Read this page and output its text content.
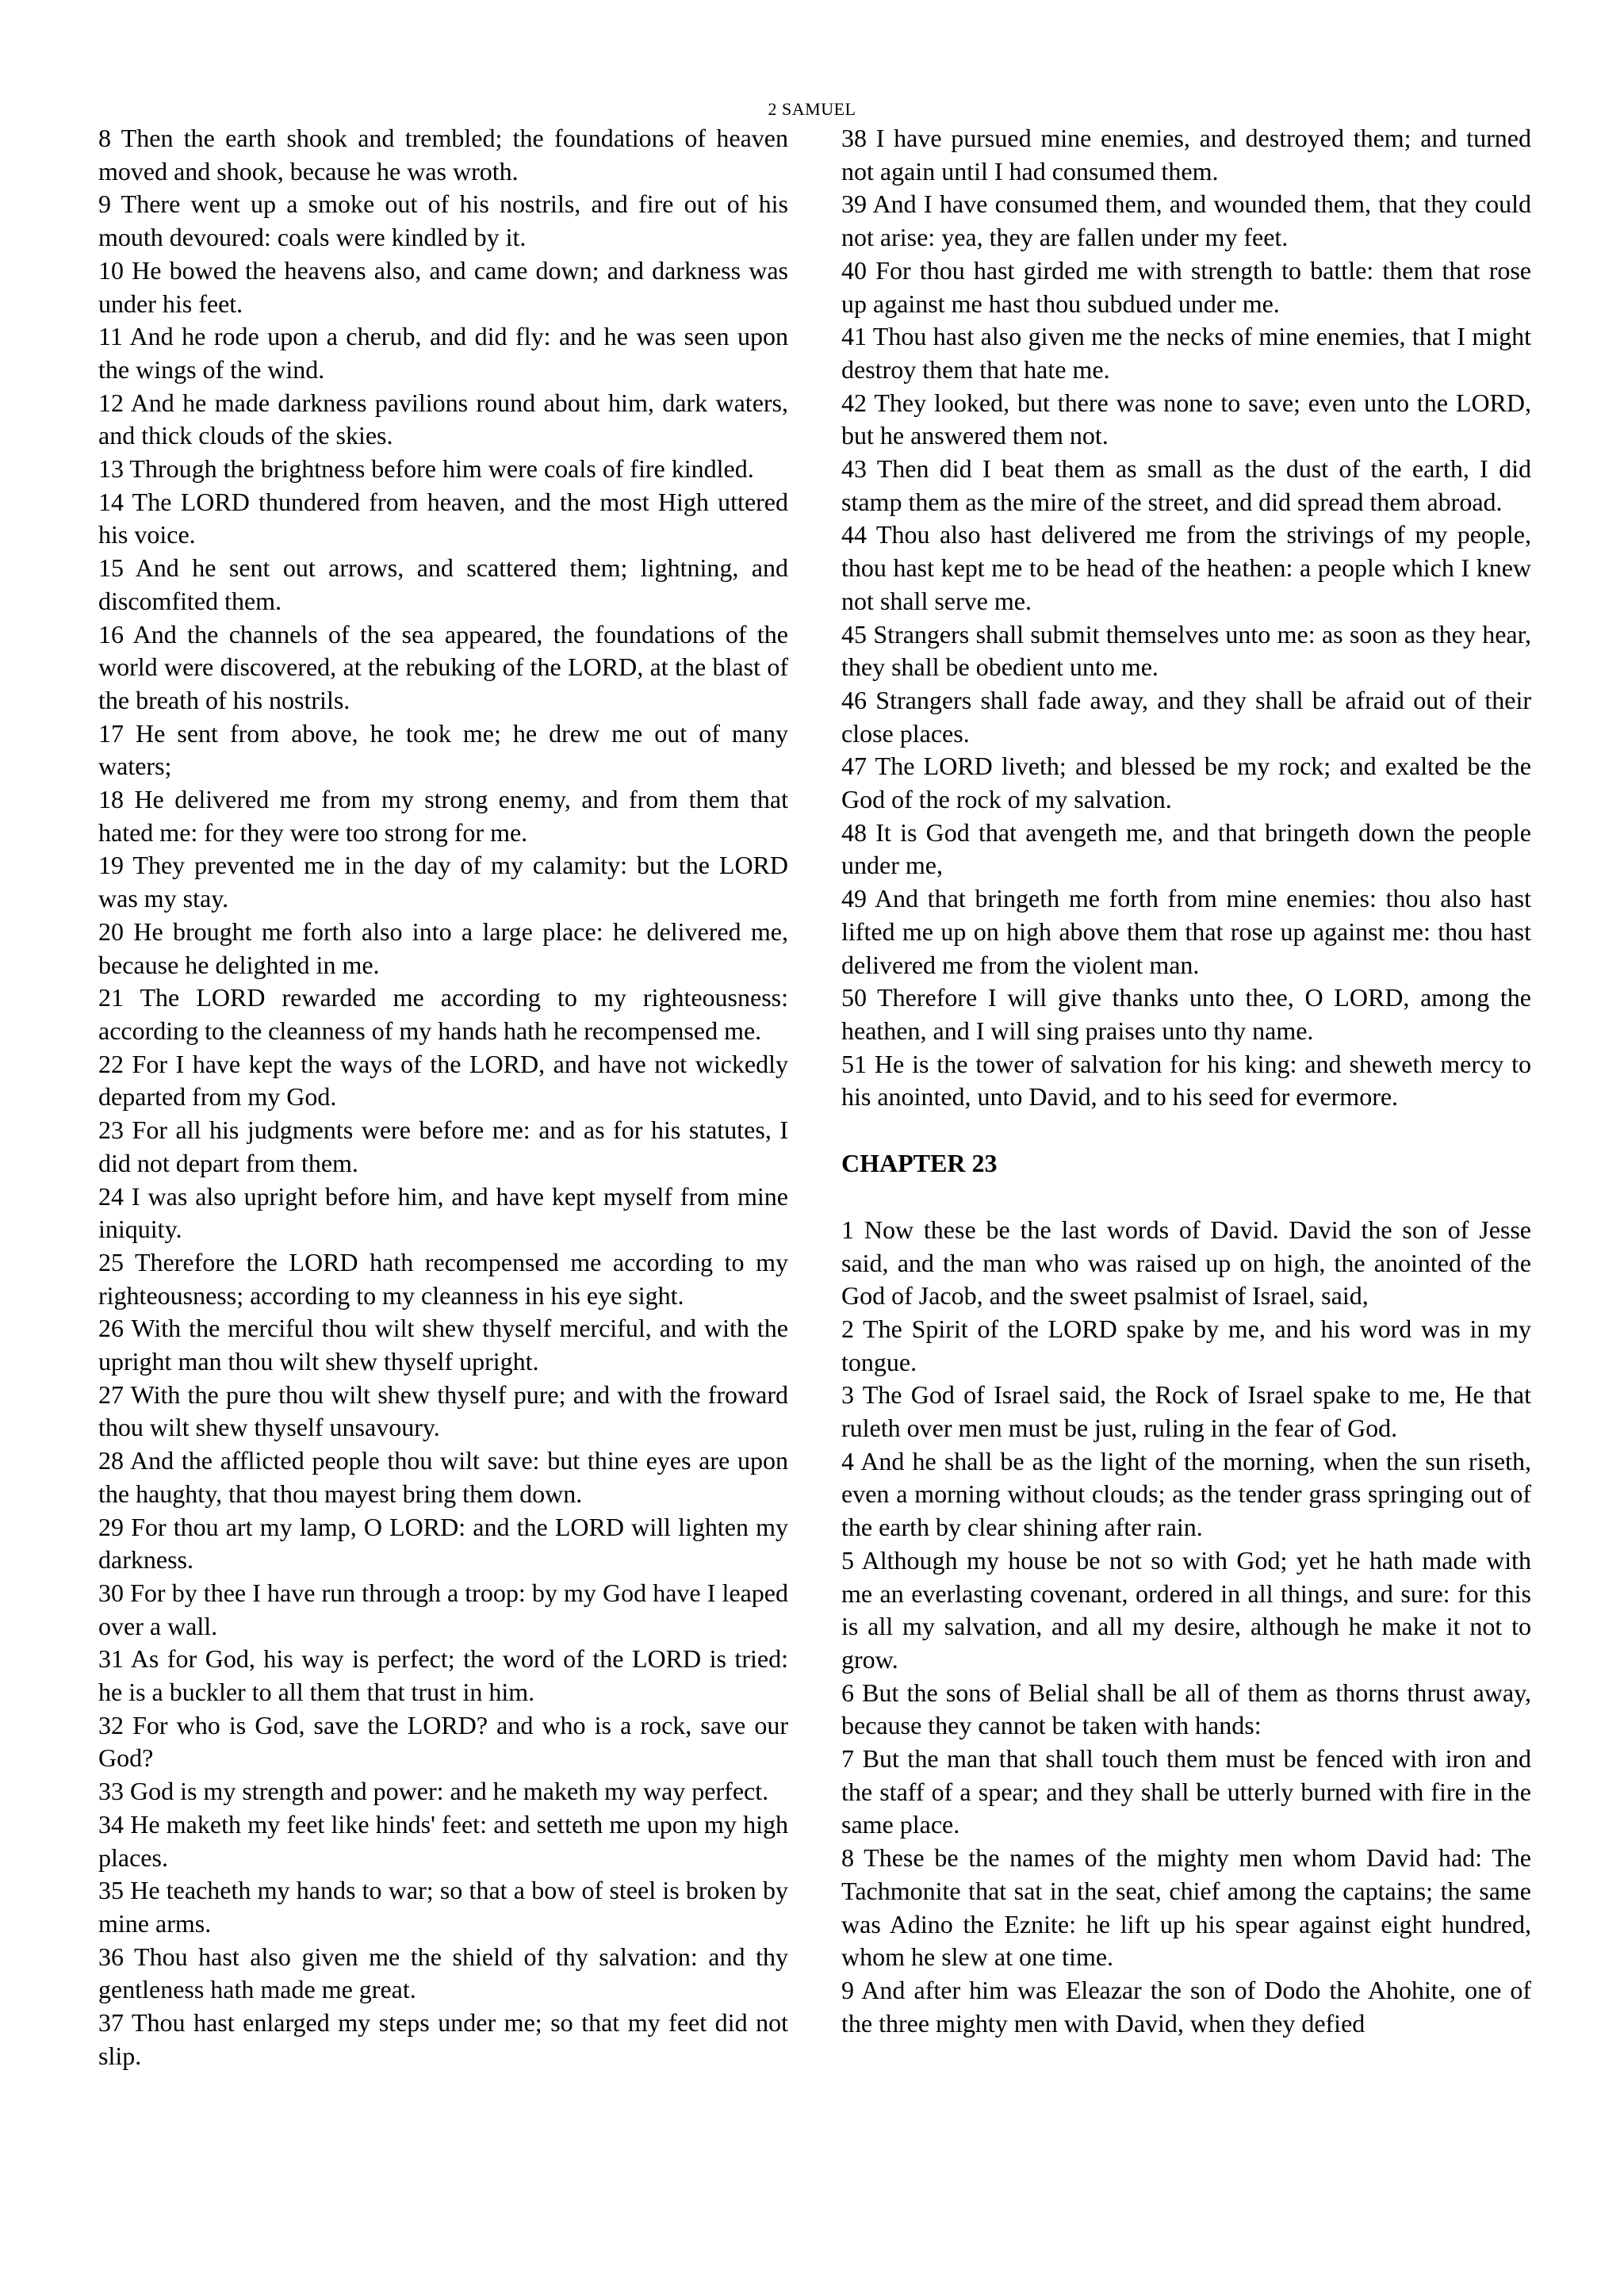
2 SAMUEL

8 Then the earth shook and trembled; the foundations of heaven moved and shook, because he was wroth.

9 There went up a smoke out of his nostrils, and fire out of his mouth devoured: coals were kindled by it.

10 He bowed the heavens also, and came down; and darkness was under his feet.

11 And he rode upon a cherub, and did fly: and he was seen upon the wings of the wind.

12 And he made darkness pavilions round about him, dark waters, and thick clouds of the skies.

13 Through the brightness before him were coals of fire kindled.

14 The LORD thundered from heaven, and the most High uttered his voice.

15 And he sent out arrows, and scattered them; lightning, and discomfited them.

16 And the channels of the sea appeared, the foundations of the world were discovered, at the rebuking of the LORD, at the blast of the breath of his nostrils.

17 He sent from above, he took me; he drew me out of many waters;

18 He delivered me from my strong enemy, and from them that hated me: for they were too strong for me.

19 They prevented me in the day of my calamity: but the LORD was my stay.

20 He brought me forth also into a large place: he delivered me, because he delighted in me.

21 The LORD rewarded me according to my righteousness: according to the cleanness of my hands hath he recompensed me.

22 For I have kept the ways of the LORD, and have not wickedly departed from my God.

23 For all his judgments were before me: and as for his statutes, I did not depart from them.

24 I was also upright before him, and have kept myself from mine iniquity.

25 Therefore the LORD hath recompensed me according to my righteousness; according to my cleanness in his eye sight.

26 With the merciful thou wilt shew thyself merciful, and with the upright man thou wilt shew thyself upright.

27 With the pure thou wilt shew thyself pure; and with the froward thou wilt shew thyself unsavoury.

28 And the afflicted people thou wilt save: but thine eyes are upon the haughty, that thou mayest bring them down.

29 For thou art my lamp, O LORD: and the LORD will lighten my darkness.

30 For by thee I have run through a troop: by my God have I leaped over a wall.

31 As for God, his way is perfect; the word of the LORD is tried: he is a buckler to all them that trust in him.

32 For who is God, save the LORD? and who is a rock, save our God?

33 God is my strength and power: and he maketh my way perfect.

34 He maketh my feet like hinds' feet: and setteth me upon my high places.

35 He teacheth my hands to war; so that a bow of steel is broken by mine arms.

36 Thou hast also given me the shield of thy salvation: and thy gentleness hath made me great.

37 Thou hast enlarged my steps under me; so that my feet did not slip.

38 I have pursued mine enemies, and destroyed them; and turned not again until I had consumed them.

39 And I have consumed them, and wounded them, that they could not arise: yea, they are fallen under my feet.

40 For thou hast girded me with strength to battle: them that rose up against me hast thou subdued under me.

41 Thou hast also given me the necks of mine enemies, that I might destroy them that hate me.

42 They looked, but there was none to save; even unto the LORD, but he answered them not.

43 Then did I beat them as small as the dust of the earth, I did stamp them as the mire of the street, and did spread them abroad.

44 Thou also hast delivered me from the strivings of my people, thou hast kept me to be head of the heathen: a people which I knew not shall serve me.

45 Strangers shall submit themselves unto me: as soon as they hear, they shall be obedient unto me.

46 Strangers shall fade away, and they shall be afraid out of their close places.

47 The LORD liveth; and blessed be my rock; and exalted be the God of the rock of my salvation.

48 It is God that avengeth me, and that bringeth down the people under me,

49 And that bringeth me forth from mine enemies: thou also hast lifted me up on high above them that rose up against me: thou hast delivered me from the violent man.

50 Therefore I will give thanks unto thee, O LORD, among the heathen, and I will sing praises unto thy name.

51 He is the tower of salvation for his king: and sheweth mercy to his anointed, unto David, and to his seed for evermore.

CHAPTER 23

1 Now these be the last words of David. David the son of Jesse said, and the man who was raised up on high, the anointed of the God of Jacob, and the sweet psalmist of Israel, said,

2 The Spirit of the LORD spake by me, and his word was in my tongue.

3 The God of Israel said, the Rock of Israel spake to me, He that ruleth over men must be just, ruling in the fear of God.

4 And he shall be as the light of the morning, when the sun riseth, even a morning without clouds; as the tender grass springing out of the earth by clear shining after rain.

5 Although my house be not so with God; yet he hath made with me an everlasting covenant, ordered in all things, and sure: for this is all my salvation, and all my desire, although he make it not to grow.

6 But the sons of Belial shall be all of them as thorns thrust away, because they cannot be taken with hands:

7 But the man that shall touch them must be fenced with iron and the staff of a spear; and they shall be utterly burned with fire in the same place.

8 These be the names of the mighty men whom David had: The Tachmonite that sat in the seat, chief among the captains; the same was Adino the Eznite: he lift up his spear against eight hundred, whom he slew at one time.

9 And after him was Eleazar the son of Dodo the Ahohite, one of the three mighty men with David, when they defied
